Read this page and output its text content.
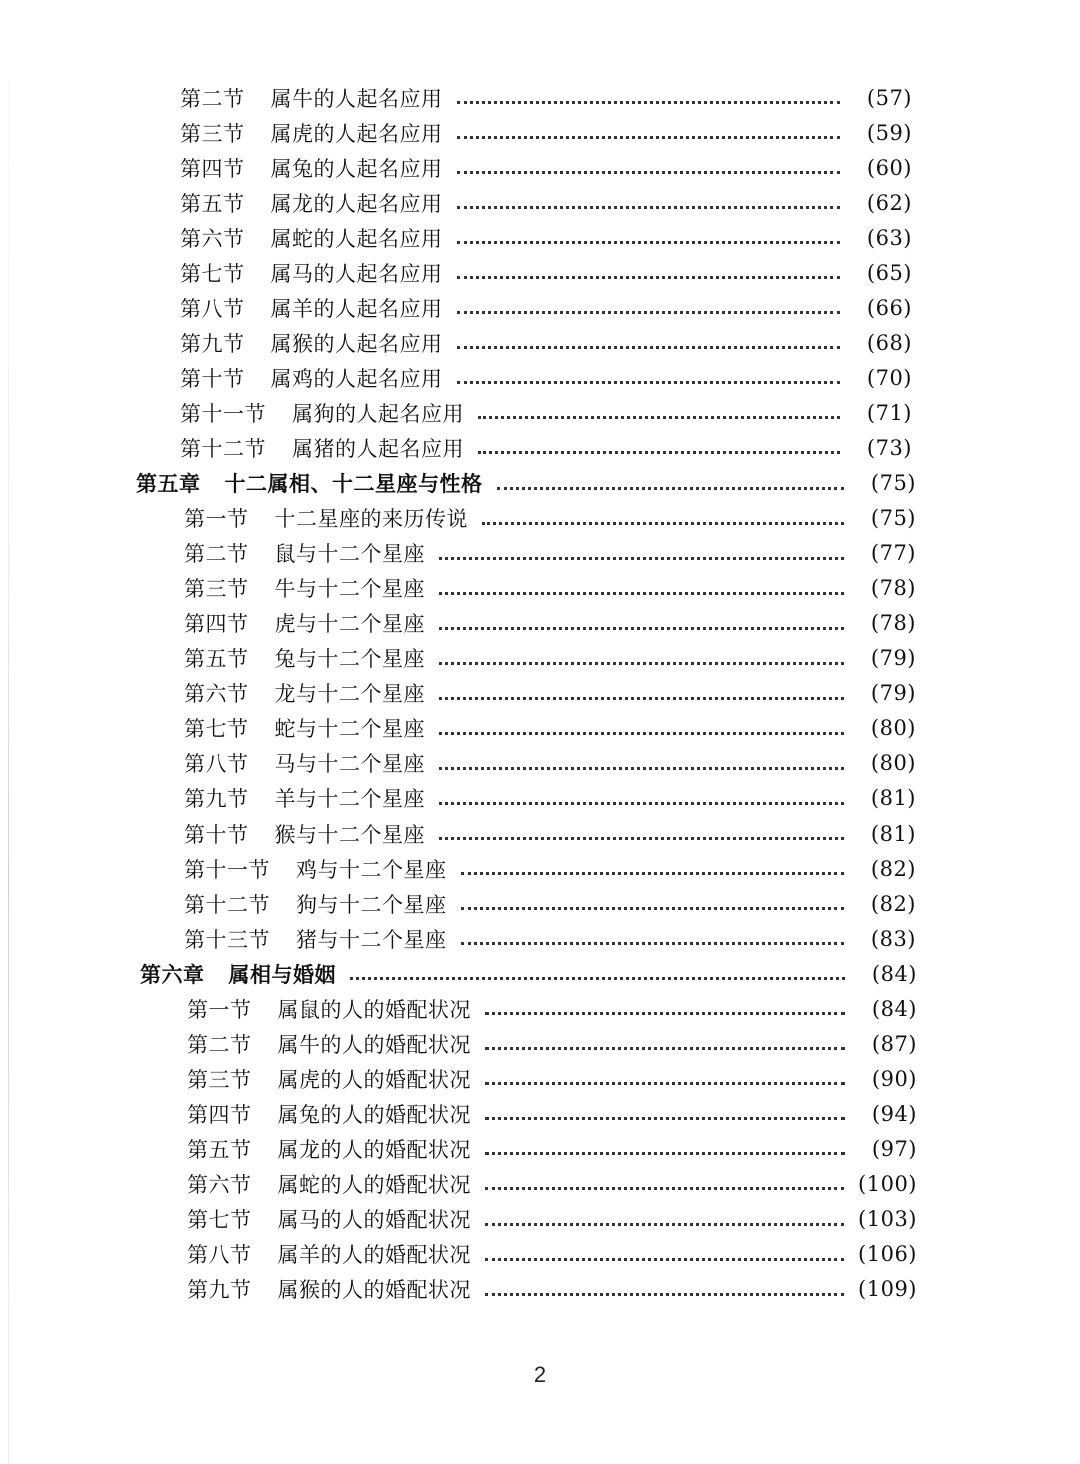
第二节 属牛的人起名应用	(57)
第三节 属虎的人起名应用	(59)
第四节 属兔的人起名应用	(60)
第五节 属龙的人起名应用	(62)
第六节 属蛇的人起名应用	(63)
第七节 属马的人起名应用	(65)
第八节 属羊的人起名应用	(66)
第九节 属猴的人起名应用	(68)
第十节 属鸡的人起名应用	(70)
第十一节 属狗的人起名应用	(71)
第十二节 属猪的人起名应用	(73)
第五章 十二属相、十二星座与性格	(75)
第一节 十二星座的来历传说	(75)
第二节 鼠与十二个星座	(77)
第三节 牛与十二个星座	(78)
第四节 虎与十二个星座	(78)
第五节 兔与十二个星座	(79)
第六节 龙与十二个星座	(79)
第七节 蛇与十二个星座	(80)
第八节 马与十二个星座	(80)
第九节 羊与十二个星座	(81)
第十节 猴与十二个星座	(81)
第十一节 鸡与十二个星座	(82)
第十二节 狗与十二个星座	(82)
第十三节 猪与十二个星座	(83)
第六章 属相与婚姻	(84)
第一节 属鼠的人的婚配状况	(84)
第二节 属牛的人的婚配状况	(87)
第三节 属虎的人的婚配状况	(90)
第四节 属兔的人的婚配状况	(94)
第五节 属龙的人的婚配状况	(97)
第六节 属蛇的人的婚配状况	(100)
第七节 属马的人的婚配状况	(103)
第八节 属羊的人的婚配状况	(106)
第九节 属猴的人的婚配状况	(109)
2
